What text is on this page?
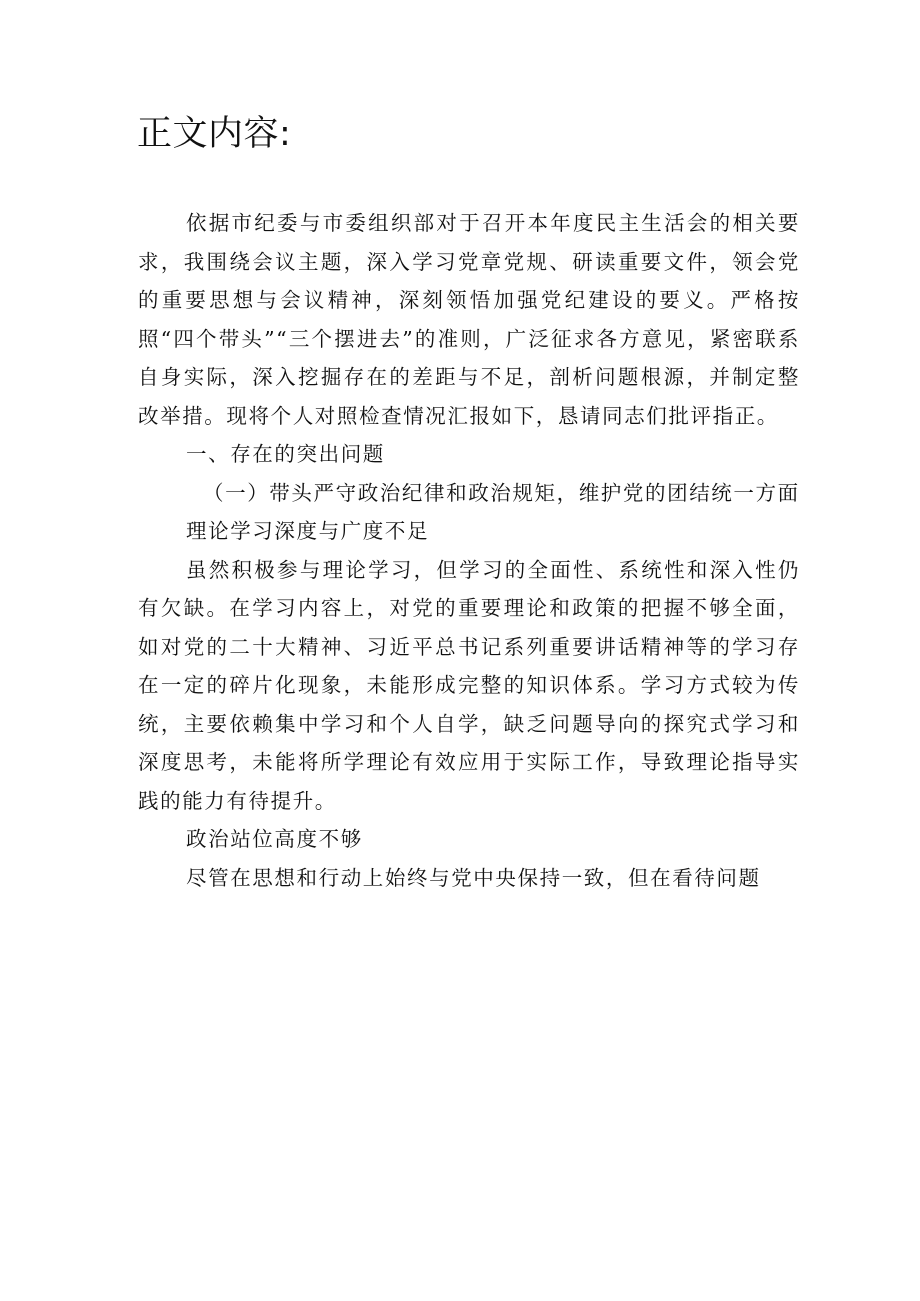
正文内容:

依据市纪委与市委组织部对于召开本年度民主生活会的相关要求，我围绕会议主题，深入学习党章党规、研读重要文件，领会党的重要思想与会议精神，深刻领悟加强党纪建设的要义。严格按照“四个带头”“三个摆进去”的准则，广泛征求各方意见，紧密联系自身实际，深入挖掘存在的差距与不足，剖析问题根源，并制定整改举措。现将个人对照检查情况汇报如下，恳请同志们批评指正。

一、存在的突出问题

（一）带头严守政治纪律和政治规矩，维护党的团结统一方面

理论学习深度与广度不足

虽然积极参与理论学习，但学习的全面性、系统性和深入性仍有欠缺。在学习内容上，对党的重要理论和政策的把握不够全面，如对党的二十大精神、习近平总书记系列重要讲话精神等的学习存在一定的碎片化现象，未能形成完整的知识体系。学习方式较为传统，主要依赖集中学习和个人自学，缺乏问题导向的探究式学习和深度思考，未能将所学理论有效应用于实际工作，导致理论指导实践的能力有待提升。

政治站位高度不够

尽管在思想和行动上始终与党中央保持一致，但在看待问题
